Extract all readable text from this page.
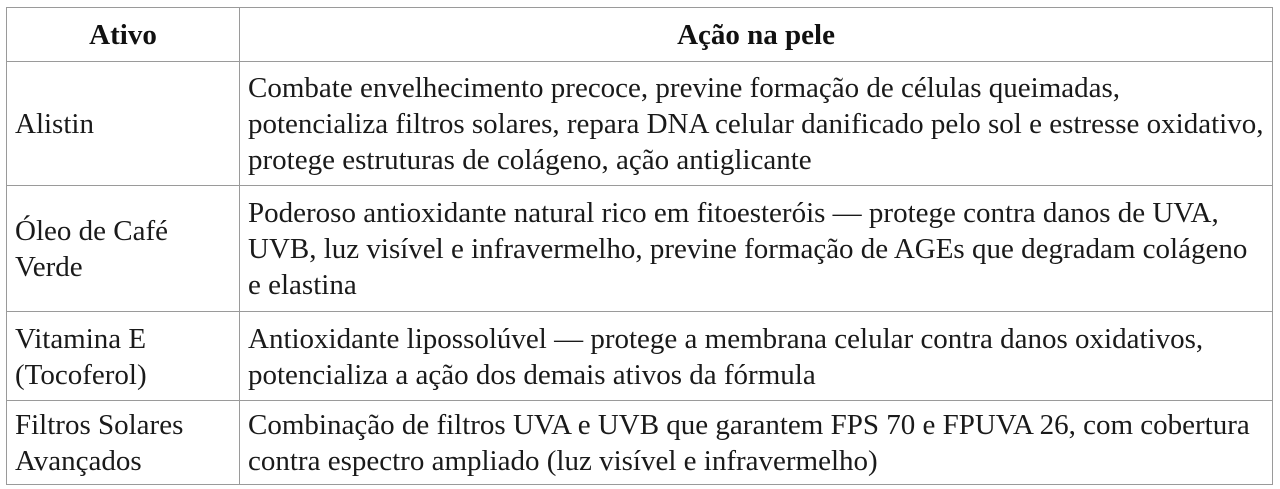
Ativo	Ação na pele
Alistin	Combate envelhecimento precoce, previne formação de células queimadas, potencializa filtros solares, repara DNA celular danificado pelo sol e estresse oxidativo, protege estruturas de colágeno, ação antiglicante
Óleo de Café Verde	Poderoso antioxidante natural rico em fitoesteróis — protege contra danos de UVA, UVB, luz visível e infravermelho, previne formação de AGEs que degradam colágeno e elastina
Vitamina E (Tocoferol)	Antioxidante lipossolúvel — protege a membrana celular contra danos oxidativos, potencializa a ação dos demais ativos da fórmula
Filtros Solares Avançados	Combinação de filtros UVA e UVB que garantem FPS 70 e FPUVA 26, com cobertura contra espectro ampliado (luz visível e infravermelho)
